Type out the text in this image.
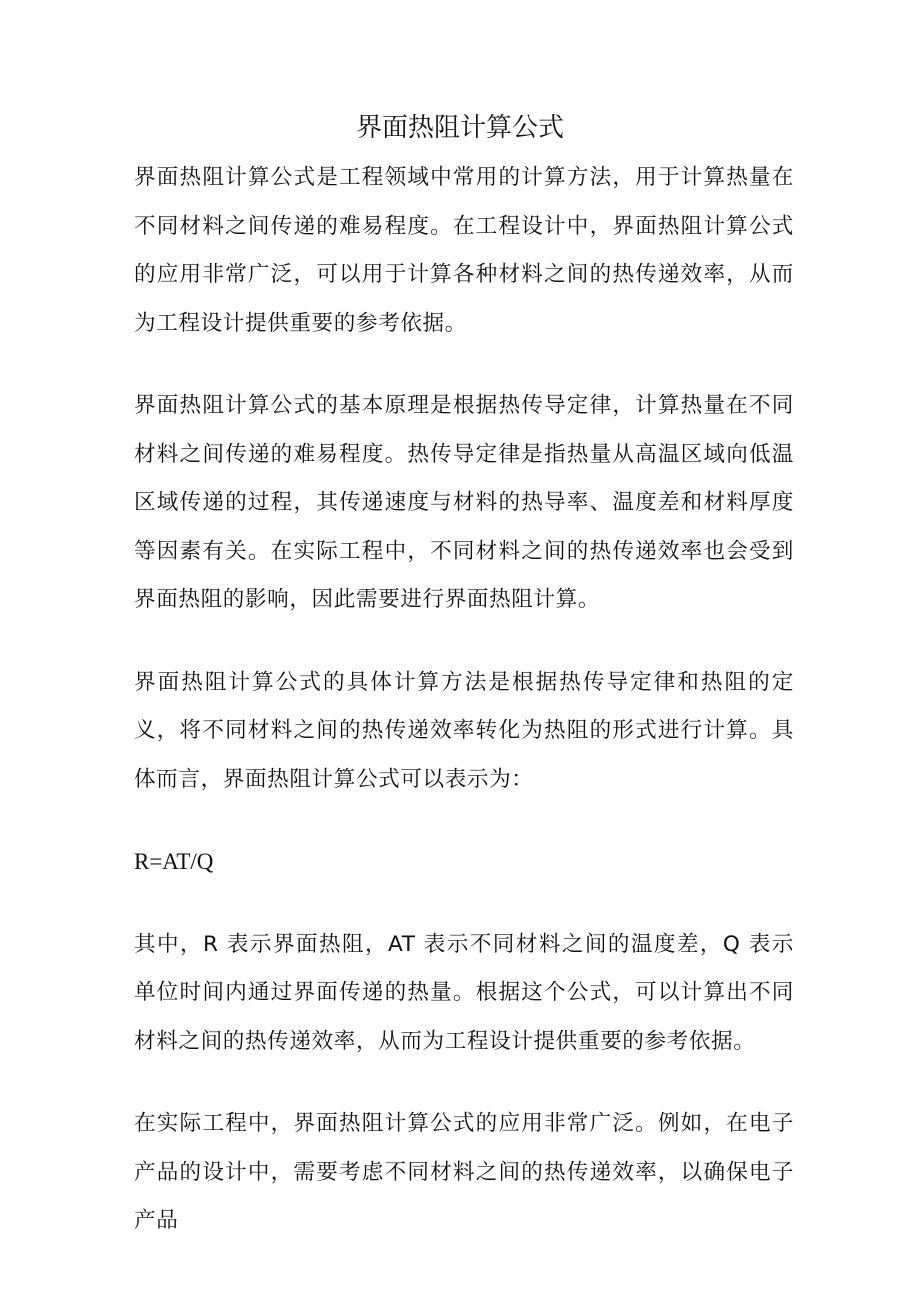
界面热阻计算公式

界面热阻计算公式是工程领域中常用的计算方法，用于计算热量在不同材料之间传递的难易程度。在工程设计中，界面热阻计算公式的应用非常广泛，可以用于计算各种材料之间的热传递效率，从而为工程设计提供重要的参考依据。

界面热阻计算公式的基本原理是根据热传导定律，计算热量在不同材料之间传递的难易程度。热传导定律是指热量从高温区域向低温区域传递的过程，其传递速度与材料的热导率、温度差和材料厚度等因素有关。在实际工程中，不同材料之间的热传递效率也会受到界面热阻的影响，因此需要进行界面热阻计算。

界面热阻计算公式的具体计算方法是根据热传导定律和热阻的定义，将不同材料之间的热传递效率转化为热阻的形式进行计算。具体而言，界面热阻计算公式可以表示为：

R=AT/Q

其中，R 表示界面热阻，AT 表示不同材料之间的温度差，Q 表示单位时间内通过界面传递的热量。根据这个公式，可以计算出不同材料之间的热传递效率，从而为工程设计提供重要的参考依据。

在实际工程中，界面热阻计算公式的应用非常广泛。例如，在电子产品的设计中，需要考虑不同材料之间的热传递效率，以确保电子产品
